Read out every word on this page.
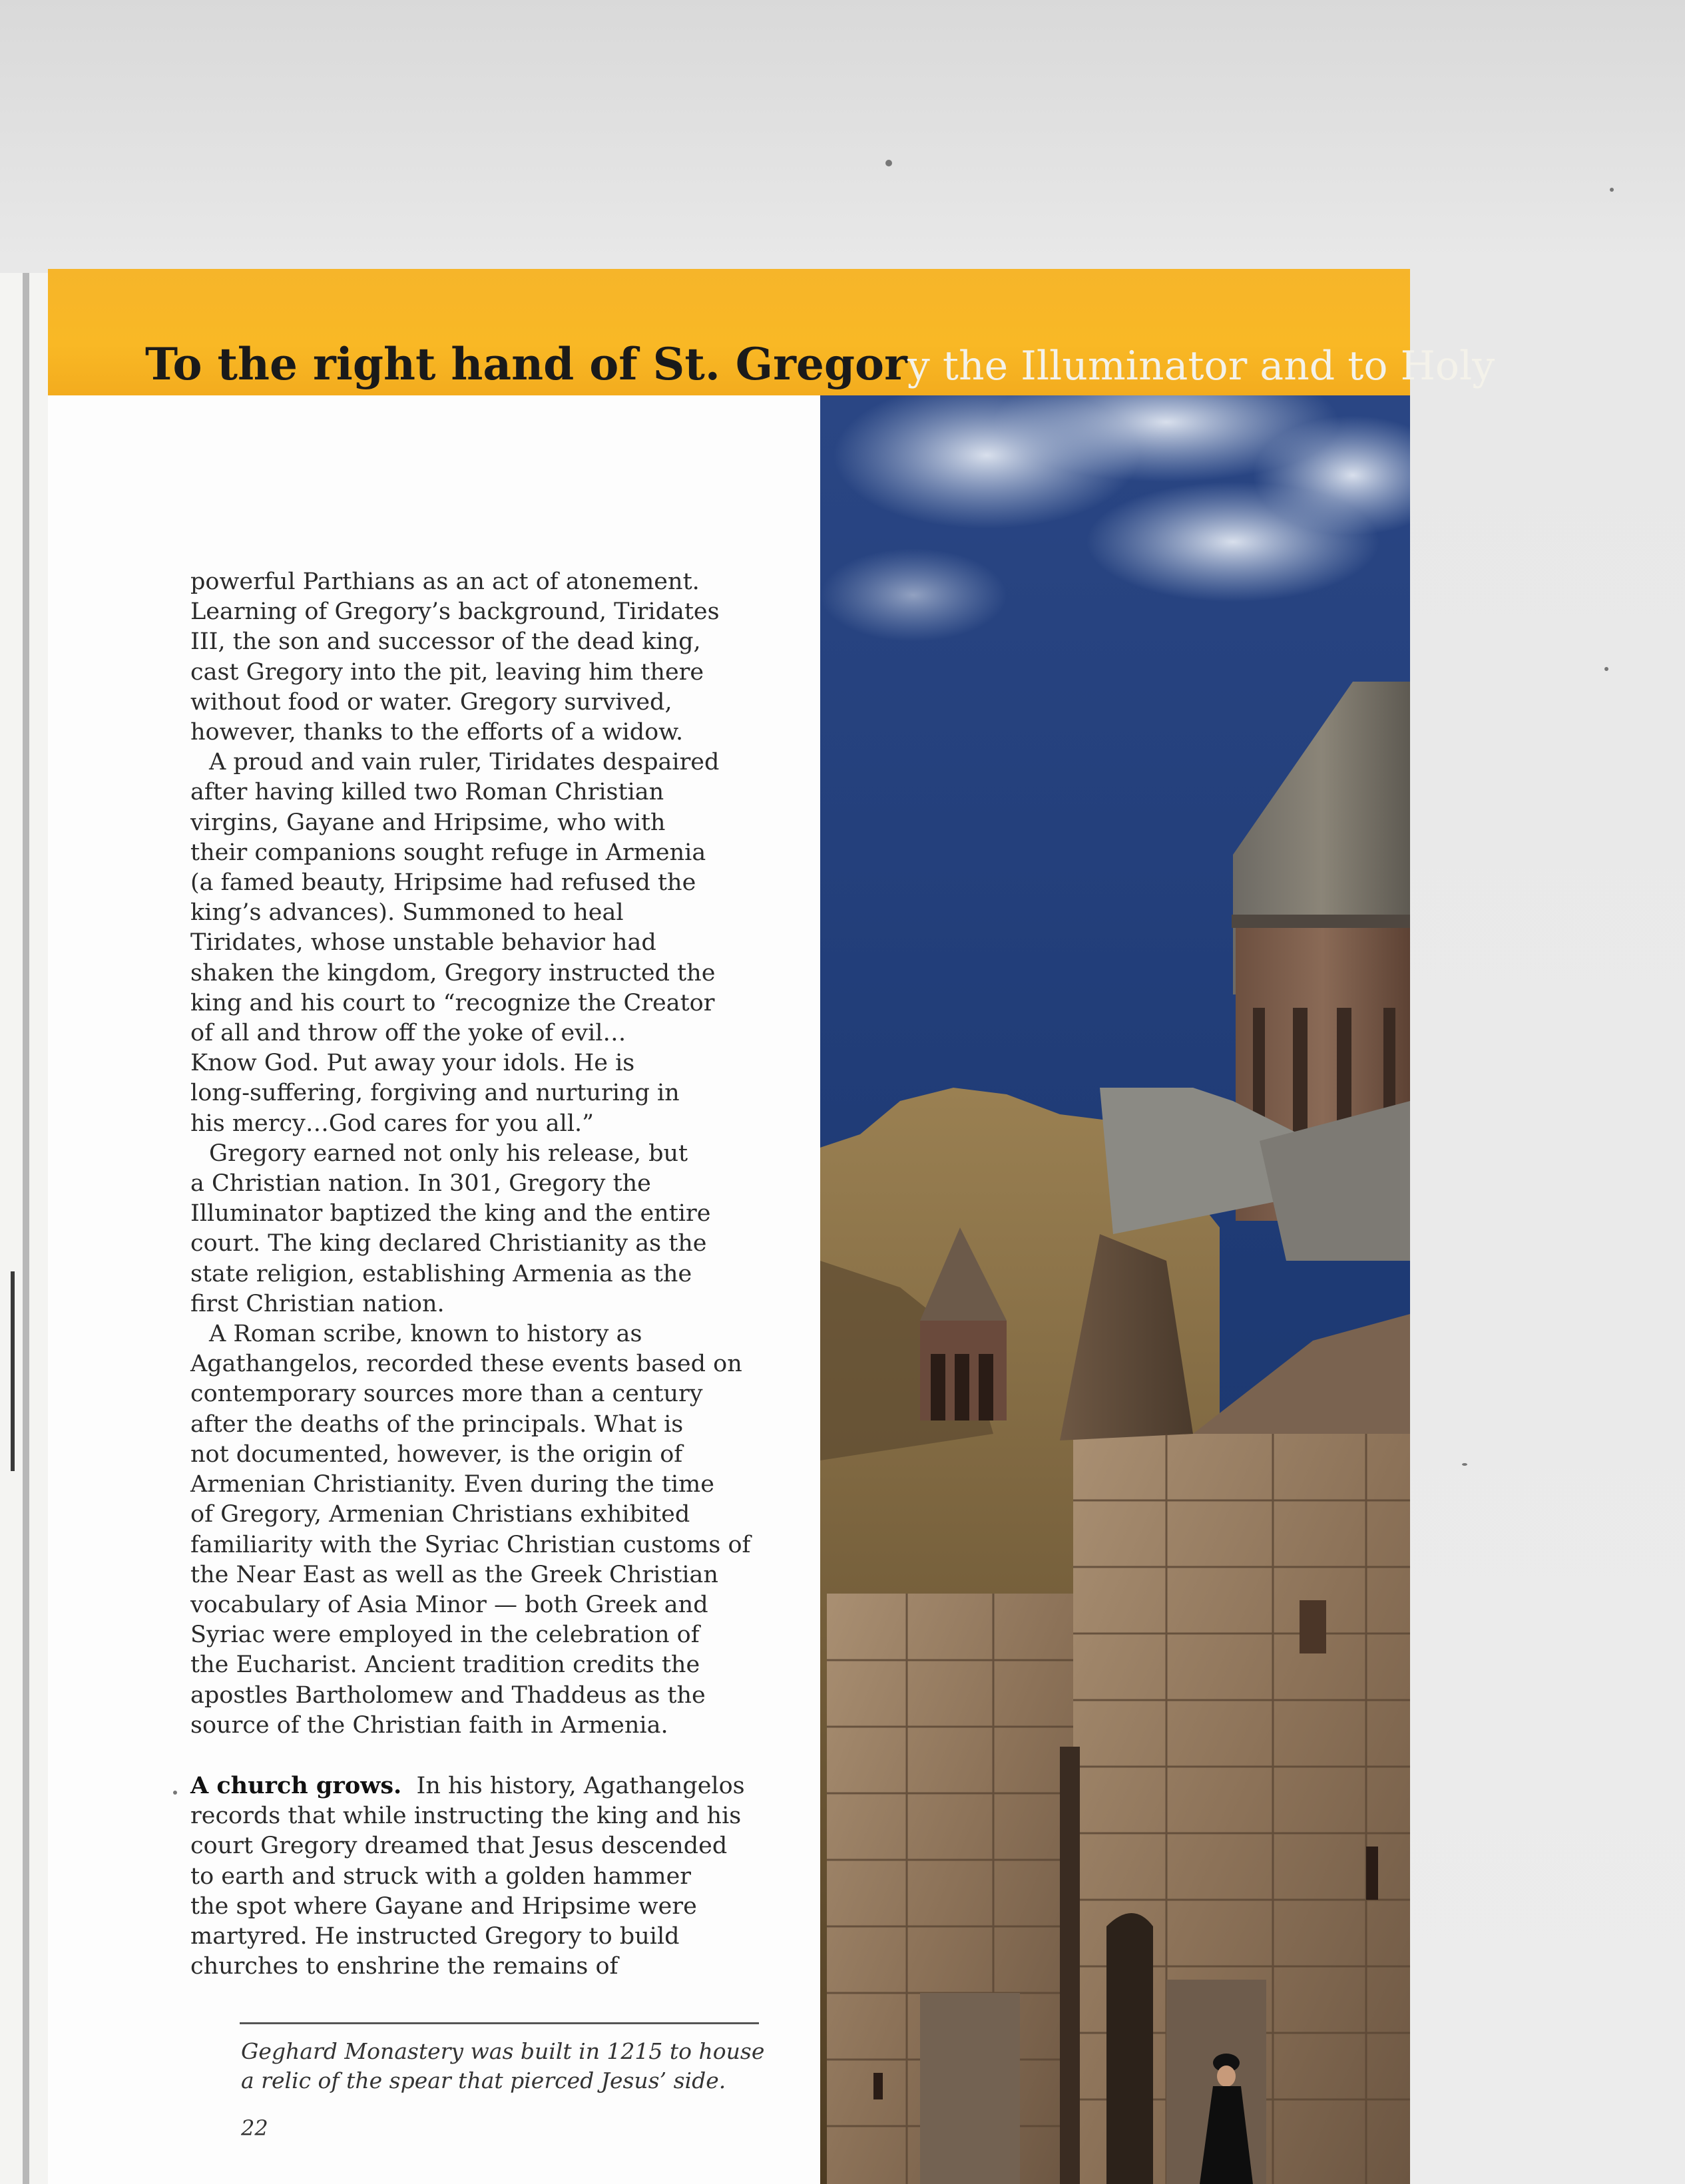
To the right hand of St. Gregory the Illuminator and to Holy

powerful Parthians as an act of atonement.
Learning of Gregory’s background, Tiridates
III, the son and successor of the dead king,
cast Gregory into the pit, leaving him there
without food or water. Gregory survived,
however, thanks to the efforts of a widow.

A proud and vain ruler, Tiridates despaired
after having killed two Roman Christian
virgins, Gayane and Hripsime, who with
their companions sought refuge in Armenia
(a famed beauty, Hripsime had refused the
king’s advances). Summoned to heal
Tiridates, whose unstable behavior had
shaken the kingdom, Gregory instructed the
king and his court to “recognize the Creator
of all and throw off the yoke of evil…
Know God. Put away your idols. He is
long-suffering, forgiving and nurturing in
his mercy…God cares for you all.”

Gregory earned not only his release, but
a Christian nation. In 301, Gregory the
Illuminator baptized the king and the entire
court. The king declared Christianity as the
state religion, establishing Armenia as the
first Christian nation.

A Roman scribe, known to history as
Agathangelos, recorded these events based on
contemporary sources more than a century
after the deaths of the principals. What is
not documented, however, is the origin of
Armenian Christianity. Even during the time
of Gregory, Armenian Christians exhibited
familiarity with the Syriac Christian customs of
the Near East as well as the Greek Christian
vocabulary of Asia Minor — both Greek and
Syriac were employed in the celebration of
the Eucharist. Ancient tradition credits the
apostles Bartholomew and Thaddeus as the
source of the Christian faith in Armenia.

A church grows. In his history, Agathangelos
records that while instructing the king and his
court Gregory dreamed that Jesus descended
to earth and struck with a golden hammer
the spot where Gayane and Hripsime were
martyred. He instructed Gregory to build
churches to enshrine the remains of

Geghard Monastery was built in 1215 to house
a relic of the spear that pierced Jesus’ side.
22
